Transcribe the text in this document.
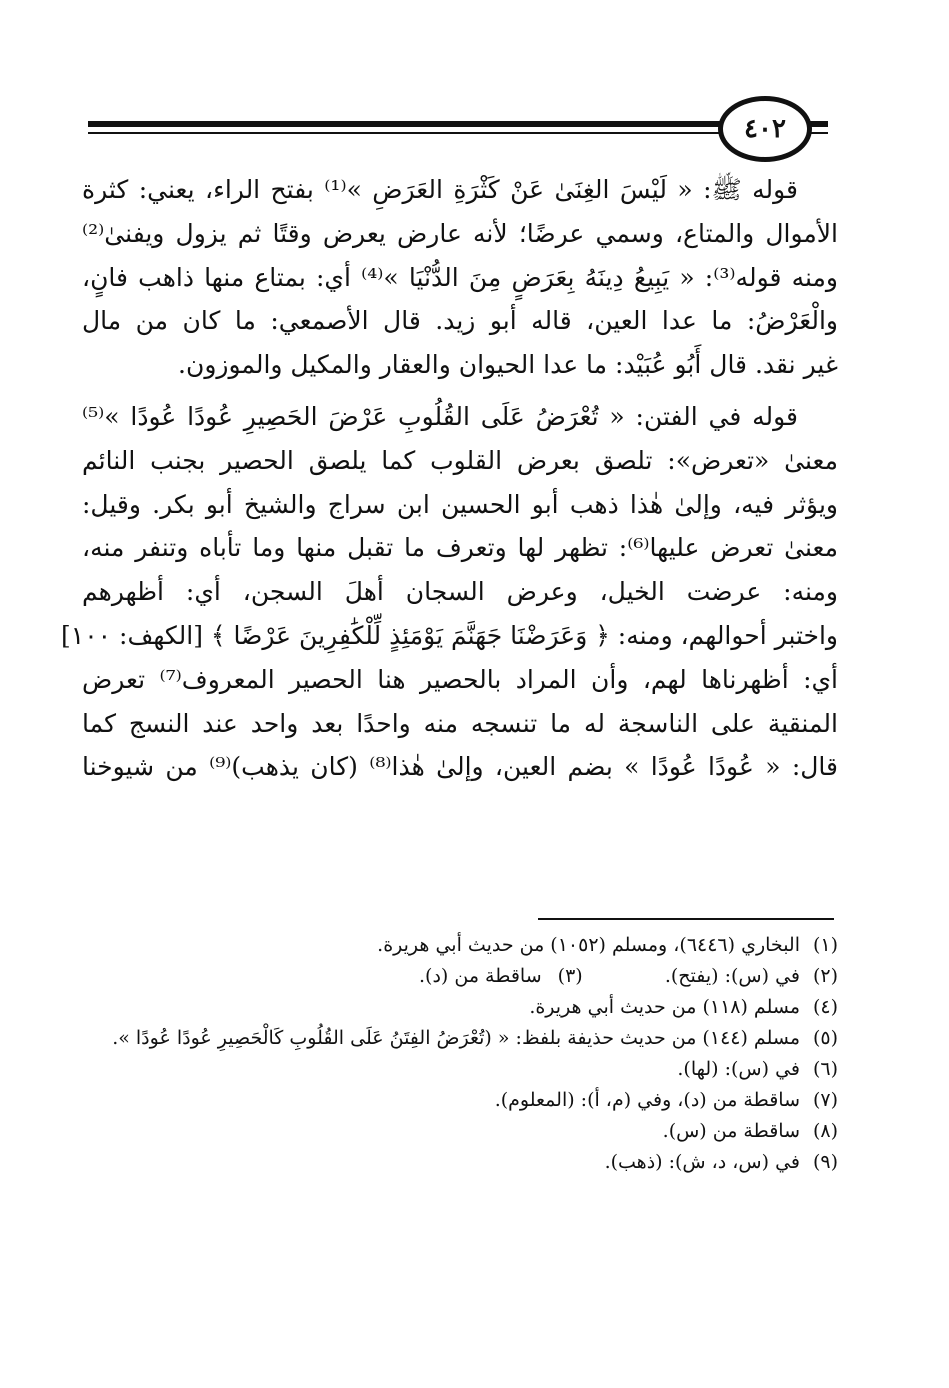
٤٠٢
قوله ﷺ: « لَيْسَ الغِنَىٰ عَنْ كَثْرَةِ العَرَضِ »⁽¹⁾ بفتح الراء، يعني: كثرة
الأموال والمتاع، وسمي عرضًا؛ لأنه عارض يعرض وقتًا ثم يزول ويفنىٰ⁽²⁾
ومنه قوله⁽³⁾: « يَبِيعُ دِينَهُ بِعَرَضٍ مِنَ الدُّنْيَا »⁽⁴⁾ أي: بمتاع منها ذاهب فانٍ،
والْعَرْضُ: ما عدا العين، قاله أبو زيد. قال الأصمعي: ما كان من مال
غير نقد. قال أَبُو عُبَيْد: ما عدا الحيوان والعقار والمكيل والموزون.
قوله في الفتن: « تُعْرَضُ عَلَى القُلُوبِ عَرْضَ الحَصِيرِ عُودًا عُودًا »⁽⁵⁾
معنىٰ «تعرض»: تلصق بعرض القلوب كما يلصق الحصير بجنب النائم
ويؤثر فيه، وإلىٰ هٰذا ذهب أبو الحسين ابن سراج والشيخ أبو بكر. وقيل:
معنىٰ تعرض عليها⁽⁶⁾: تظهر لها وتعرف ما تقبل منها وما تأباه وتنفر منه،
ومنه: عرضت الخيل، وعرض السجان أهلَ السجن، أي: أظهرهم
واختبر أحوالهم، ومنه: ﴿ وَعَرَضْنَا جَهَنَّمَ يَوْمَئِذٍ لِّلْكَٰفِرِينَ عَرْضًا ﴾ [الكهف: ١٠٠]
أي: أظهرناها لهم، وأن المراد بالحصير هنا الحصير المعروف⁽⁷⁾ تعرض
المنقية على الناسجة له ما تنسجه منه واحدًا بعد واحد عند النسج كما
قال: « عُودًا عُودًا » بضم العين، وإلىٰ هٰذا⁽⁸⁾ (كان يذهب)⁽⁹⁾ من شيوخنا
(١)
البخاري (٦٤٤٦)، ومسلم (١٠٥٢) من حديث أبي هريرة.
(٢)
في (س): (يفتح).  (٣) ساقطة من (د).
(٤)
مسلم (١١٨) من حديث أبي هريرة.
(٥)
مسلم (١٤٤) من حديث حذيفة بلفظ: « (تُعْرَضُ الفِتَنُ عَلَى القُلُوبِ كَالْحَصِيرِ عُودًا عُودًا ».
(٦)
في (س): (لها).
(٧)
ساقطة من (د)، وفي (م، أ): (المعلوم).
(٨)
ساقطة من (س).
(٩)
في (س، د، ش): (ذهب).
